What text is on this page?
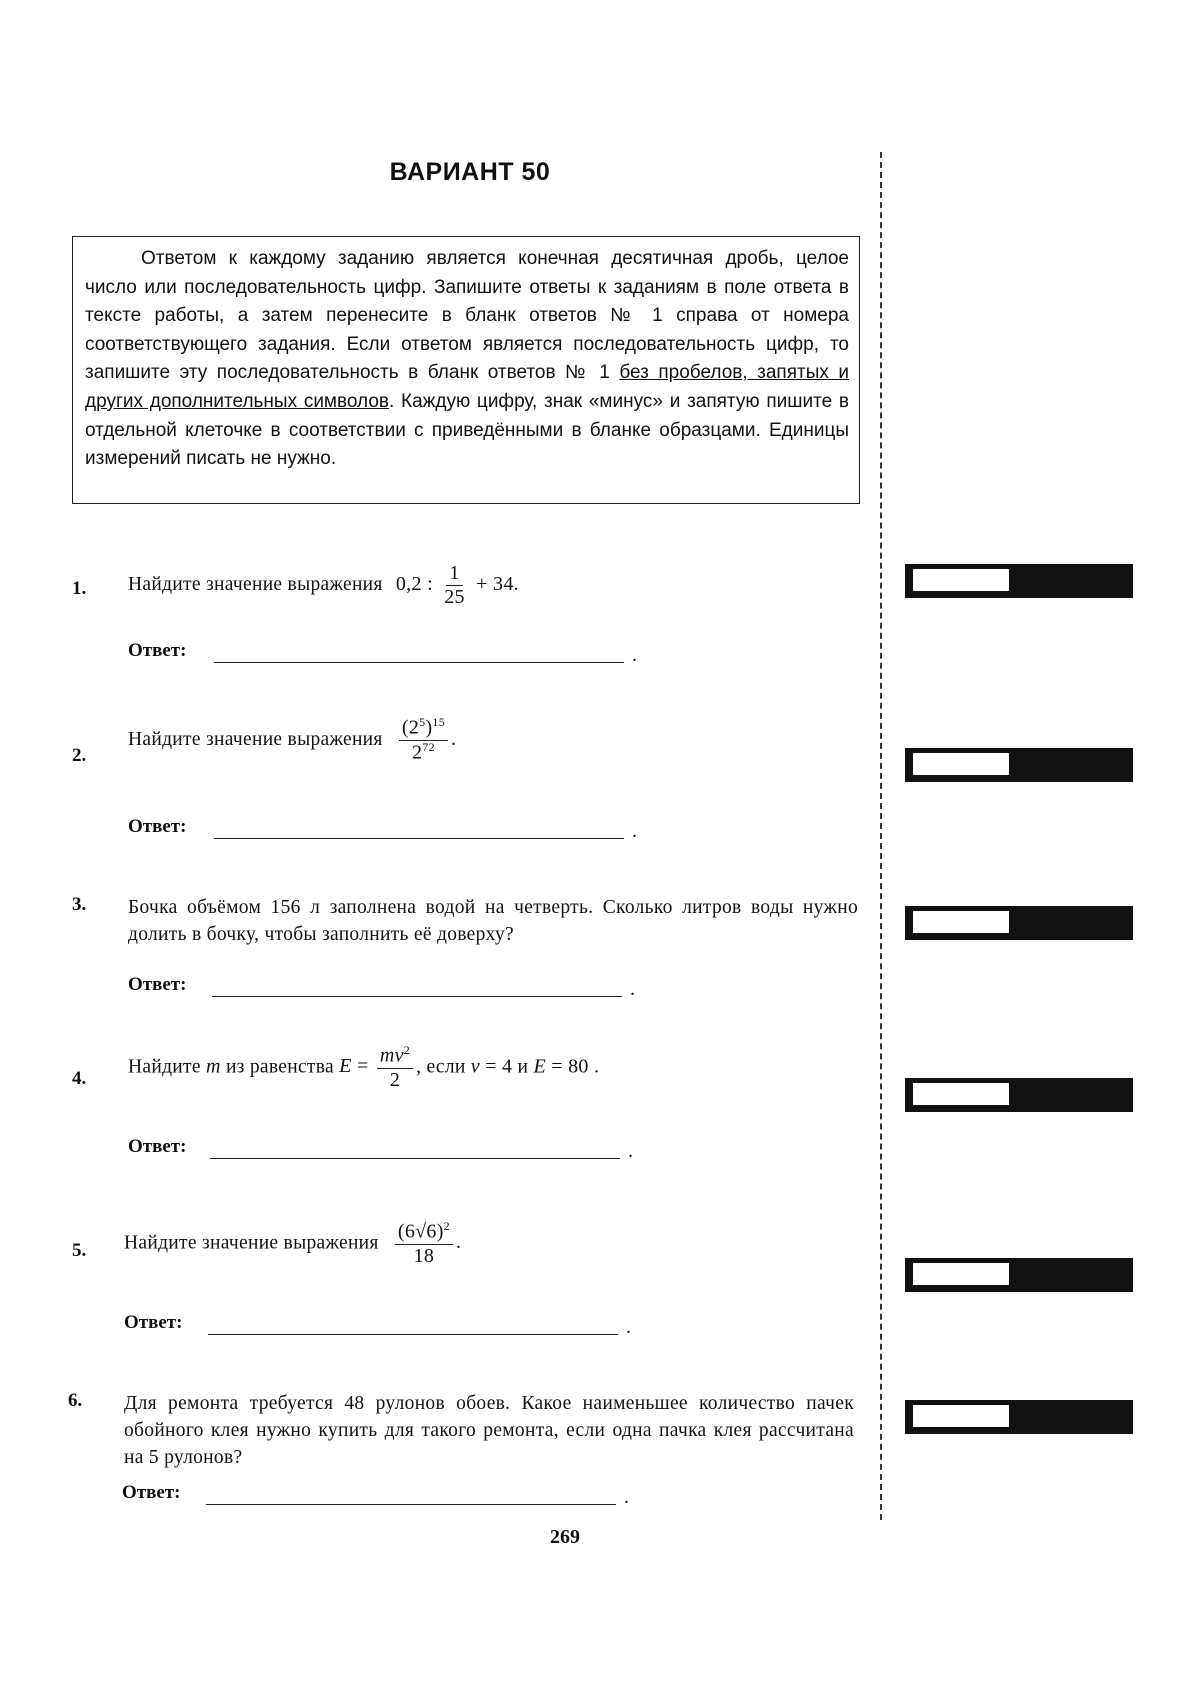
ВАРИАНТ 50

Ответом к каждому заданию является конечная десятичная дробь, целое число или последовательность цифр. Запишите ответы к заданиям в поле ответа в тексте работы, а затем перенесите в бланк ответов № 1 справа от номера соответствующего задания. Если ответом является последовательность цифр, то запишите эту последовательность в бланк ответов № 1 без пробелов, запятых и других дополнительных символов. Каждую цифру, знак «минус» и запятую пишите в отдельной клеточке в соответствии с приведёнными в бланке образцами. Единицы измерений писать не нужно.

1. Найдите значение выражения 0,2 : $\frac{1}{25} + 34$.
Ответ:	.
2.
Найдите значение выражения $\frac{(2^5)^{15}}{2^{72}}$ .
Ответ:	.
3. Бочка объёмом 156 л заполнена водой на четверть. Сколько литров воды нужно долить в бочку, чтобы заполнить её доверху?
Ответ:	.
4.
Найдите m из равенства $E = \frac{mv^2}{2}$ , если v = 4 и E = 80 .
Ответ:	.
5. Найдите значение выражения $\frac{(6√6)^2}{18}$ .
Ответ:	.
6. Для ремонта требуется 48 рулонов обоев. Какое наименьшее количество пачек обойного клея нужно купить для такого ремонта, если одна пачка клея рассчитана на 5 рулонов?
Ответ:	.
269
